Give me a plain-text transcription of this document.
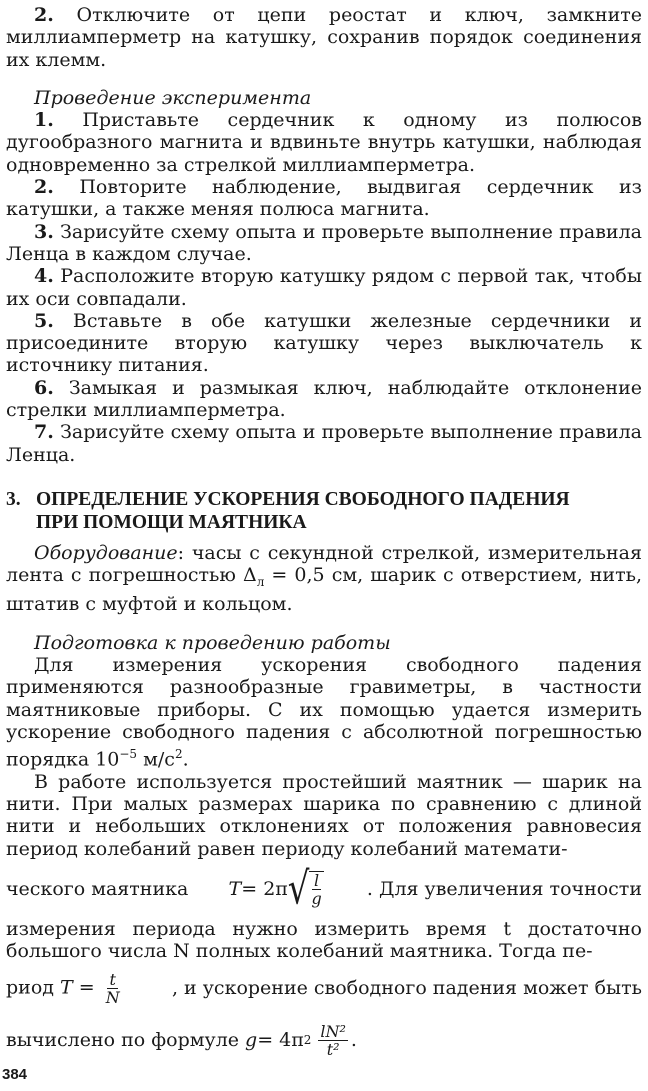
2. Отключите от цепи реостат и ключ, замкните миллиамперметр на катушку, сохранив порядок соединения их клемм.

Проведение эксперимента

1. Приставьте сердечник к одному из полюсов дугообразного магнита и вдвиньте внутрь катушки, наблюдая одновременно за стрелкой миллиамперметра.

2. Повторите наблюдение, выдвигая сердечник из катушки, а также меняя полюса магнита.

3. Зарисуйте схему опыта и проверьте выполнение правила Ленца в каждом случае.

4. Расположите вторую катушку рядом с первой так, чтобы их оси совпадали.

5. Вставьте в обе катушки железные сердечники и присоедините вторую катушку через выключатель к источнику питания.

6. Замыкая и размыкая ключ, наблюдайте отклонение стрелки миллиамперметра.

7. Зарисуйте схему опыта и проверьте выполнение правила Ленца.

3. ОПРЕДЕЛЕНИЕ УСКОРЕНИЯ СВОБОДНОГО ПАДЕНИЯ
ПРИ ПОМОЩИ МАЯТНИКА

Оборудование: часы с секундной стрелкой, измерительная лента с погрешностью $\Delta_л = 0,5$ см, шарик с отверстием, нить, штатив с муфтой и кольцом.

Подготовка к проведению работы

Для измерения ускорения свободного падения применяются разнообразные гравиметры, в частности маятниковые приборы. С их помощью удается измерить ускорение свободного падения с абсолютной погрешностью порядка $10^{-5}$ $м/с^2$.

В работе используется простейший маятник — шарик на нити. При малых размерах шарика по сравнению с длиной нити и небольших отклонениях от положения равновесия период колебаний равен периоду колебаний математи-

ческого маятника T = 2π √ $\frac{l}{g}$ . Для увеличения точности

измерения периода нужно измерить время t достаточно большого числа N полных колебаний маятника. Тогда пе-

риод $T = \frac{t}{N}$	, и ускорение свободного падения может быть
вычислено по формуле g = 4π $2 \frac{\text{lN²}}{\text{t²}}$ .
384
